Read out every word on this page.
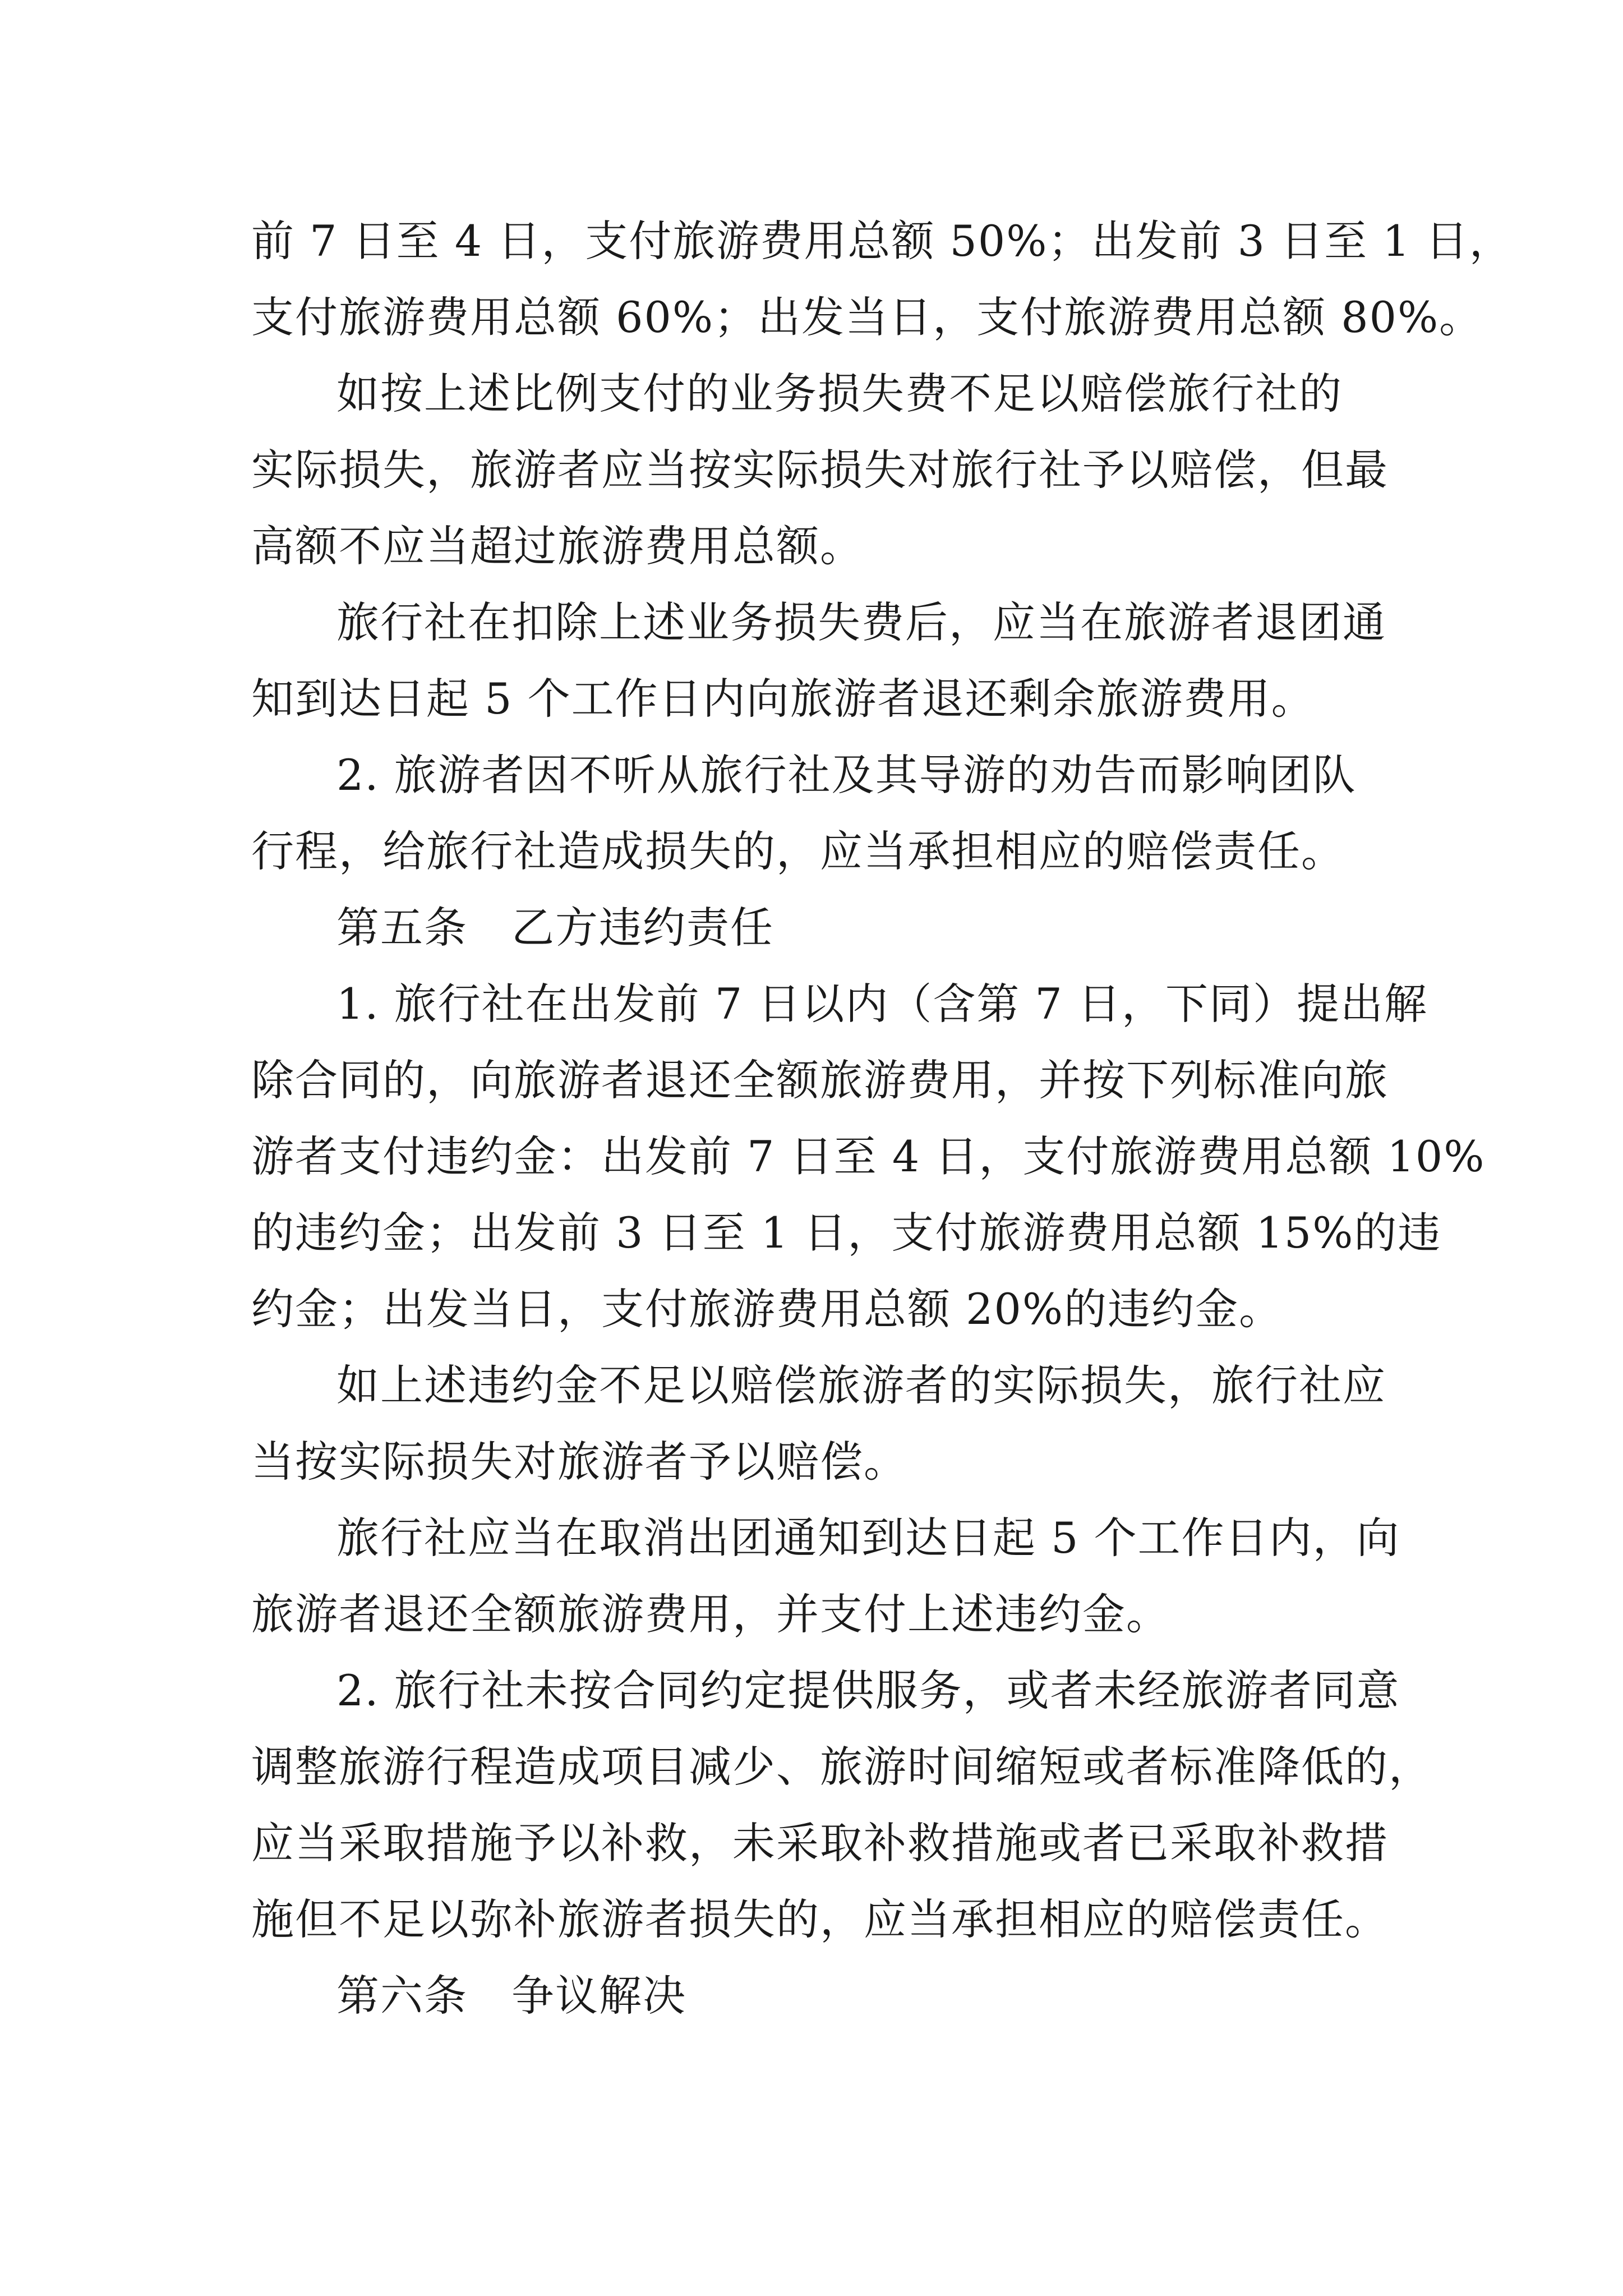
前 7 日至 4 日，支付旅游费用总额 50%；出发前 3 日至 1 日，
支付旅游费用总额 60%；出发当日，支付旅游费用总额 80%。
如按上述比例支付的业务损失费不足以赔偿旅行社的
实际损失，旅游者应当按实际损失对旅行社予以赔偿，但最
高额不应当超过旅游费用总额。
旅行社在扣除上述业务损失费后，应当在旅游者退团通
知到达日起 5 个工作日内向旅游者退还剩余旅游费用。
2. 旅游者因不听从旅行社及其导游的劝告而影响团队
行程，给旅行社造成损失的，应当承担相应的赔偿责任。
第五条　乙方违约责任
1. 旅行社在出发前 7 日以内（含第 7 日，下同）提出解
除合同的，向旅游者退还全额旅游费用，并按下列标准向旅
游者支付违约金：出发前 7 日至 4 日，支付旅游费用总额 10%
的违约金；出发前 3 日至 1 日，支付旅游费用总额 15%的违
约金；出发当日，支付旅游费用总额 20%的违约金。
如上述违约金不足以赔偿旅游者的实际损失，旅行社应
当按实际损失对旅游者予以赔偿。
旅行社应当在取消出团通知到达日起 5 个工作日内，向
旅游者退还全额旅游费用，并支付上述违约金。
2. 旅行社未按合同约定提供服务，或者未经旅游者同意
调整旅游行程造成项目减少、旅游时间缩短或者标准降低的，
应当采取措施予以补救，未采取补救措施或者已采取补救措
施但不足以弥补旅游者损失的，应当承担相应的赔偿责任。
第六条　争议解决
